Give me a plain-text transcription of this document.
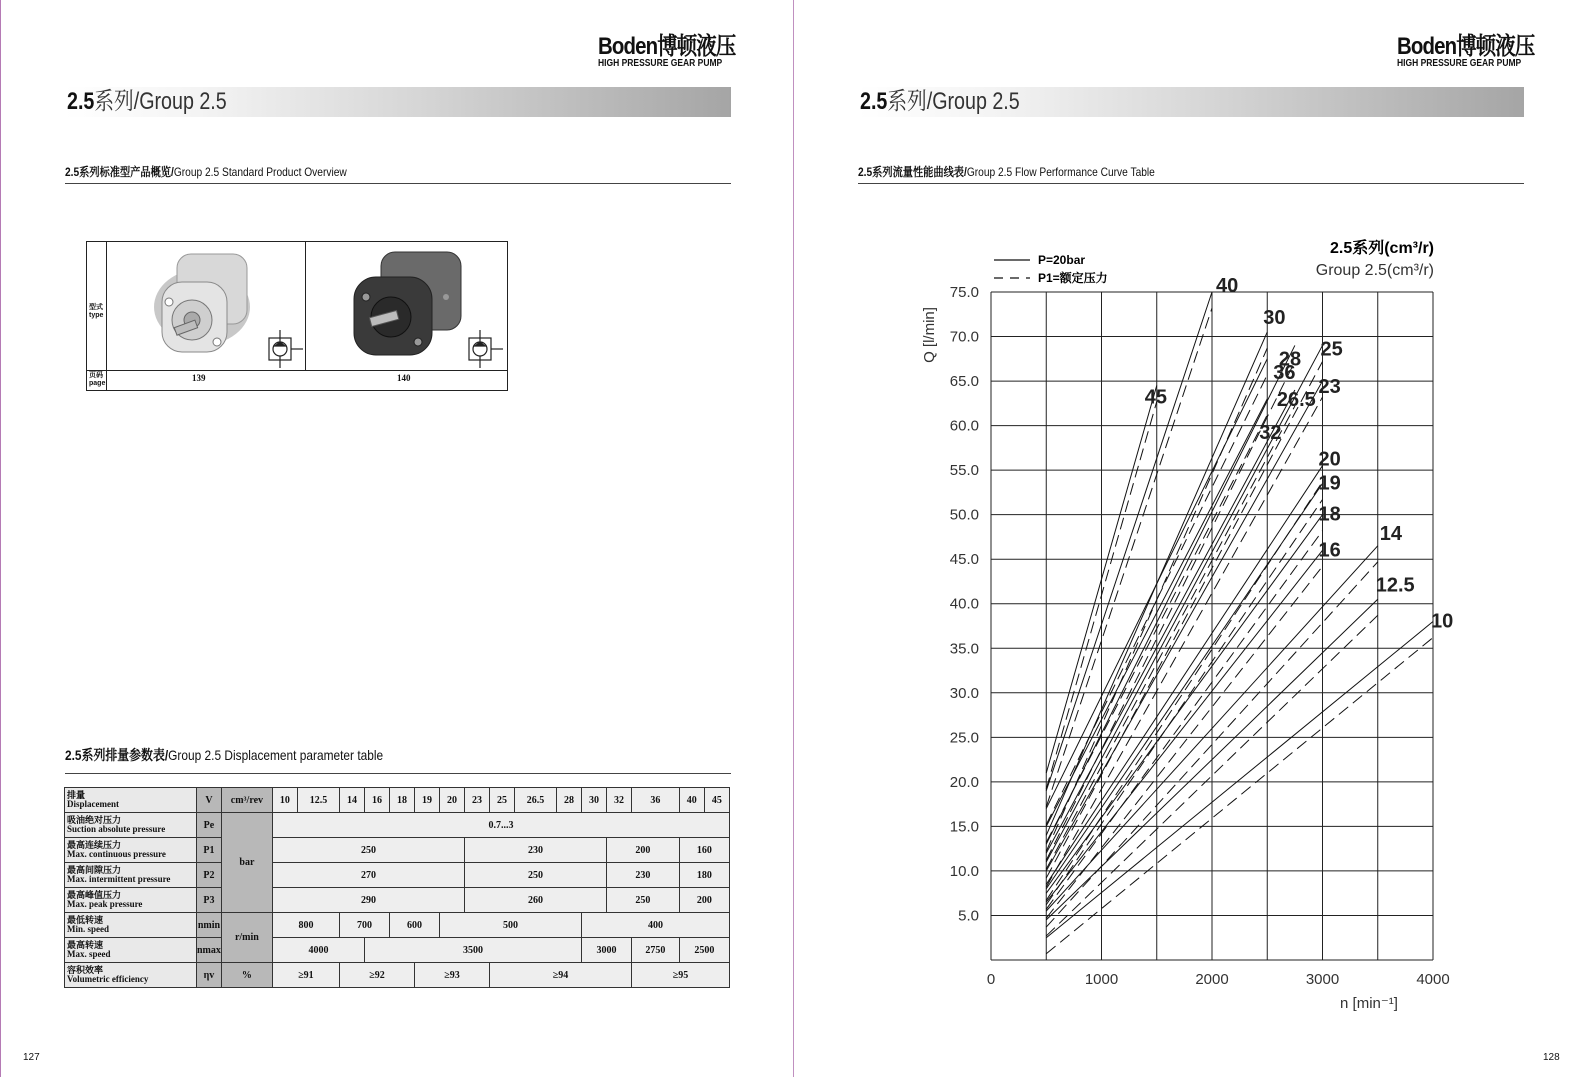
Boden博顿液压
HIGH PRESSURE GEAR PUMP
2.5系列/Group 2.5
2.5系列标准型产品概览/Group 2.5 Standard Product Overview
型式
type
页码
page
139	140
2.5系列排量参数表/Group 2.5 Displacement parameter table
排量
Displacement	V	cm³/rev	10	12.5	14	16	18	19	20	23	25	26.5	28	30	32	36	40	45
吸油绝对压力
Suction absolute pressure	Pe	bar	0.7...3															
最高连续压力
Max. continuous pressure	P1		250							230					200		160	
最高间隙压力
Max. intermittent pressure	P2		270							250					230		180	
最高峰值压力
Max. peak pressure	P3		290							260					250		200	
最低转速
Min. speed	nmin	r/min	800		700		600		500					400				
最高转速
Max. speed	nmax		4000			3500								3000		2750	2500	
容积效率
Volumetric efficiency	ηv	%	≥91		≥92			≥93			≥94					≥95		
127
Boden博顿液压
HIGH PRESSURE GEAR PUMP
2.5系列/Group 2.5
2.5系列流量性能曲线表/Group 2.5 Flow Performance Curve Table
5.0
10.0
15.0
20.0
25.0
30.0
35.0
40.0
45.0
50.0
55.0
60.0
65.0
70.0
75.0
0	1000	2000	3000	4000
10
12.5
14
16
18
19
20
23
25
26.5
28
30
32
36
40
45
P=20bar
P1=额定压力
2.5系列(cm³/r)
Group 2.5(cm³/r)
Q [l/min]
n [min⁻¹]
128
